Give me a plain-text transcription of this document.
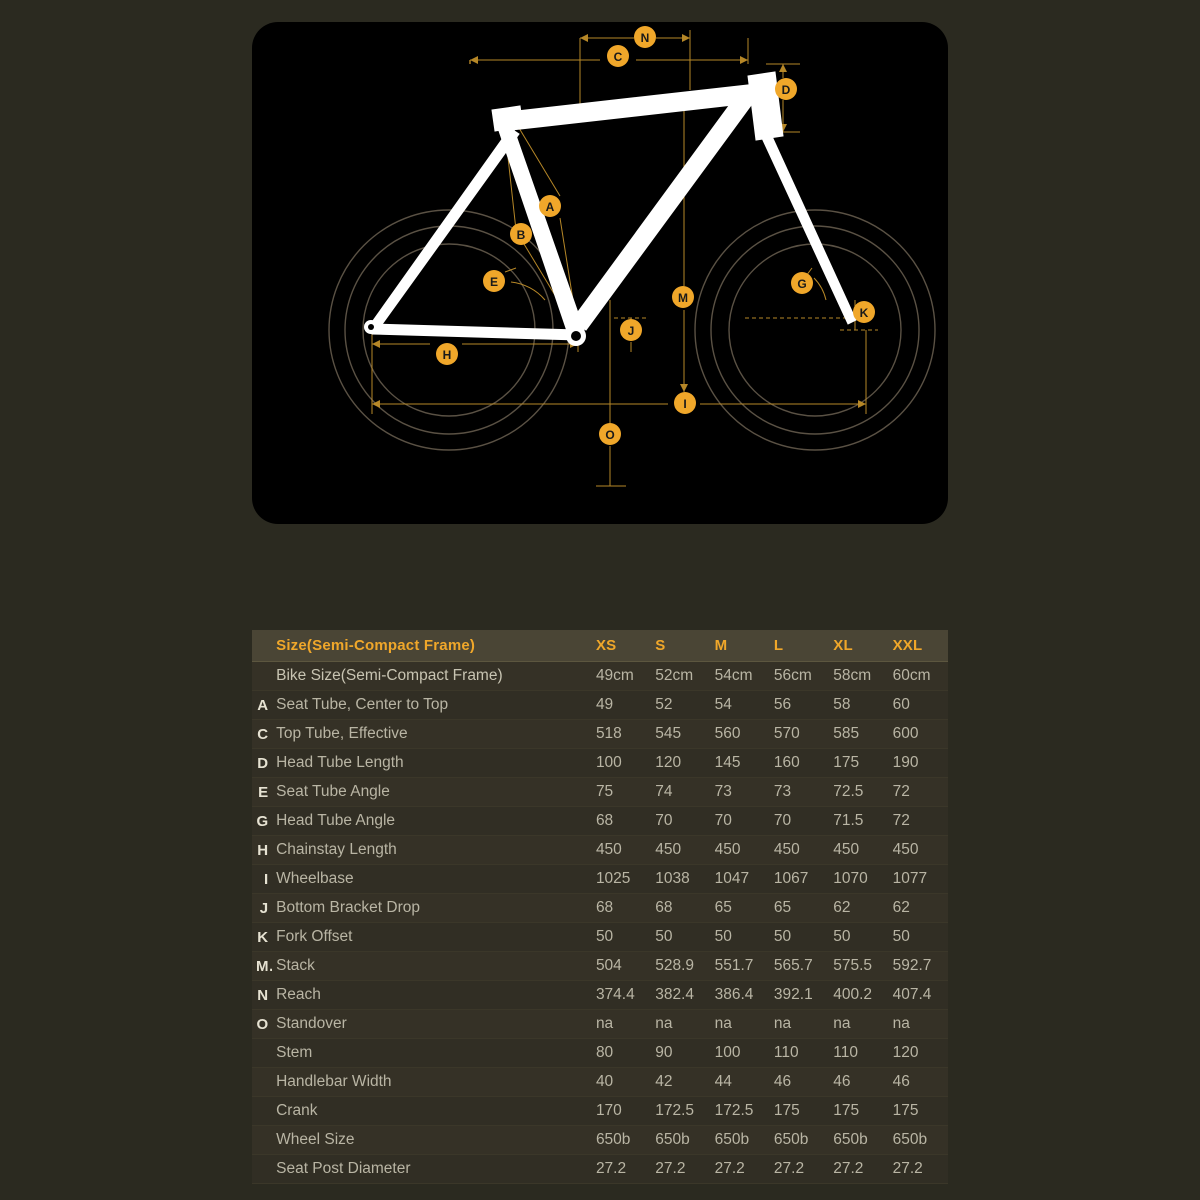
N
C
D
A
B
E	G
M
K
J
H
I
O
	Size(Semi-Compact Frame)	XS	S	M	L	XL	XXL
	Bike Size(Semi-Compact Frame)	49cm	52cm	54cm	56cm	58cm	60cm
A	Seat Tube, Center to Top	49	52	54	56	58	60
C	Top Tube, Effective	518	545	560	570	585	600
D	Head Tube Length	100	120	145	160	175	190
E	Seat Tube Angle	75	74	73	73	72.5	72
G	Head Tube Angle	68	70	70	70	71.5	72
H	Chainstay Length	450	450	450	450	450	450
I	Wheelbase	1025	1038	1047	1067	1070	1077
J	Bottom Bracket Drop	68	68	65	65	62	62
K	Fork Offset	50	50	50	50	50	50
M	Stack	504	528.9	551.7	565.7	575.5	592.7
N	Reach	374.4	382.4	386.4	392.1	400.2	407.4
O	Standover	na	na	na	na	na	na
	Stem	80	90	100	110	110	120
	Handlebar Width	40	42	44	46	46	46
	Crank	170	172.5	172.5	175	175	175
	Wheel Size	650b	650b	650b	650b	650b	650b
	Seat Post Diameter	27.2	27.2	27.2	27.2	27.2	27.2
